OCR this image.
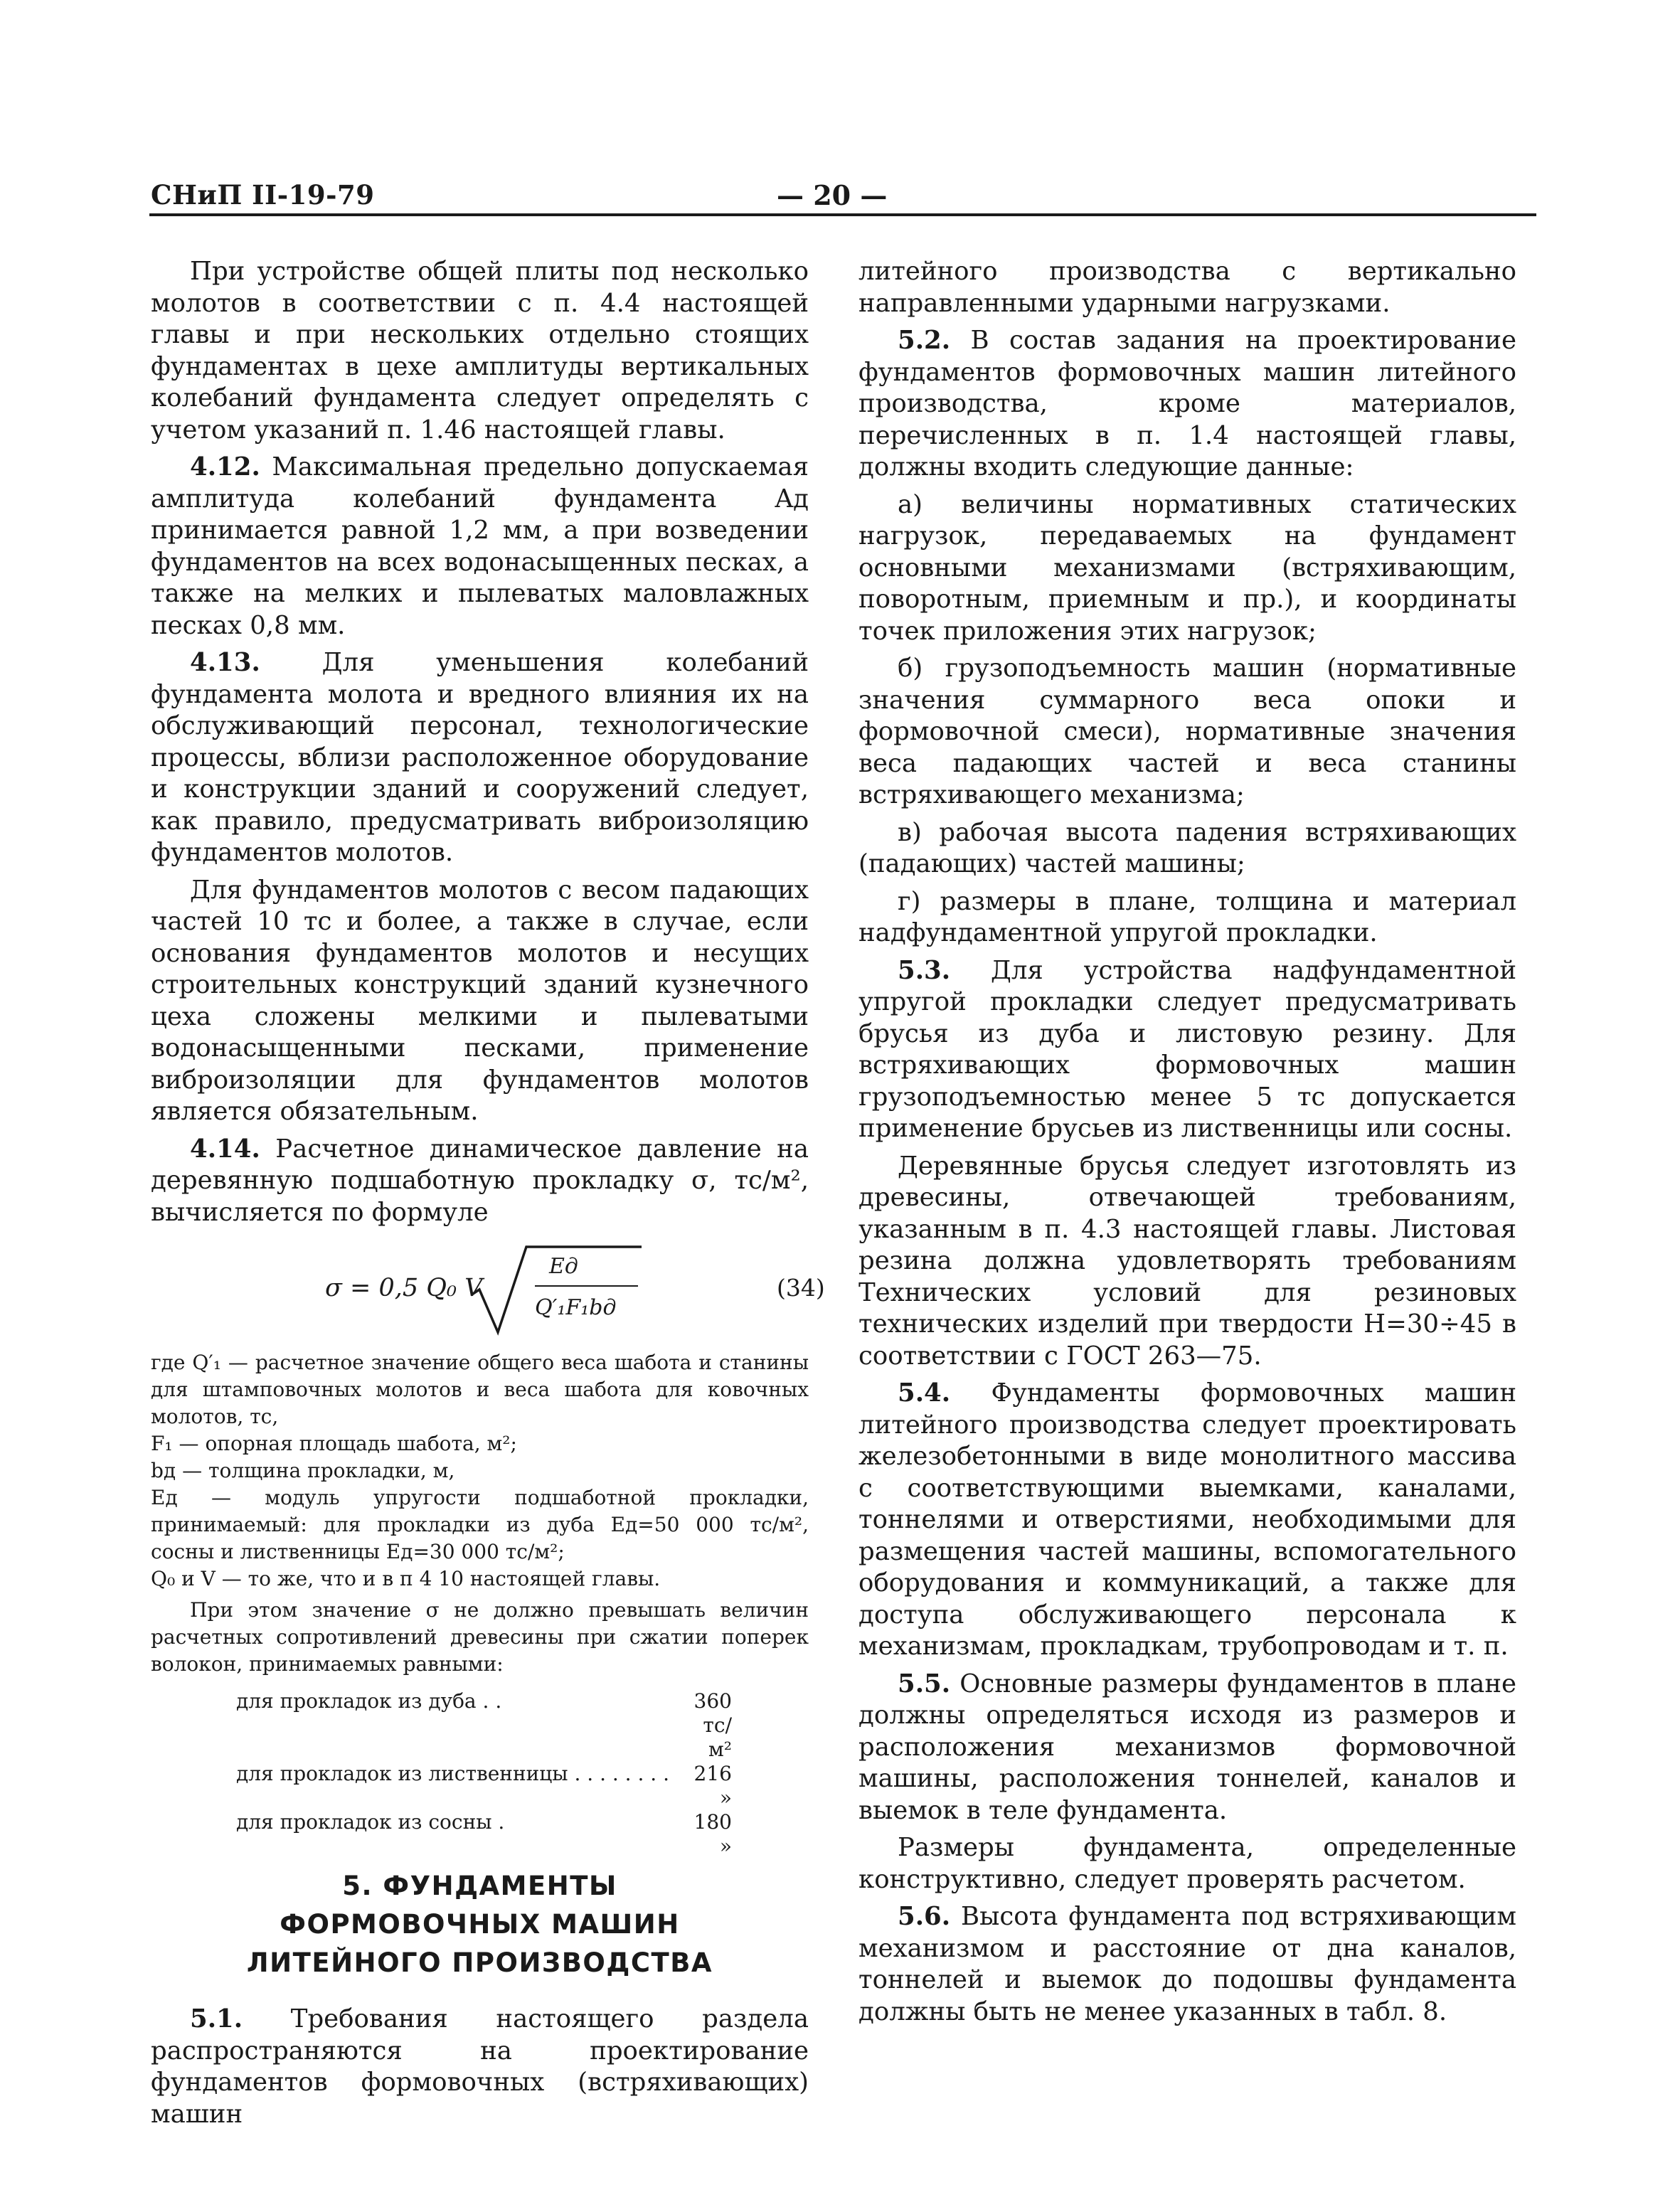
СНиП II-19-79	— 20 —

При устройстве общей плиты под несколько молотов в соответствии с п. 4.4 настоящей главы и при нескольких отдельно стоящих фундаментах в цехе амплитуды вертикальных колебаний фундамента следует определять с учетом указаний п. 1.46 настоящей главы.

4.12. Максимальная предельно допускаемая амплитуда колебаний фундамента Aд принимается равной 1,2 мм, а при возведении фундаментов на всех водонасыщенных песках, а также на мелких и пылеватых маловлажных песках 0,8 мм.

4.13. Для уменьшения колебаний фундамента молота и вредного влияния их на обслуживающий персонал, технологические процессы, вблизи расположенное оборудование и конструкции зданий и сооружений следует, как правило, предусматривать виброизоляцию фундаментов молотов.

Для фундаментов молотов с весом падающих частей 10 тс и более, а также в случае, если основания фундаментов молотов и несущих строительных конструкций зданий кузнечного цеха сложены мелкими и пылеватыми водонасыщенными песками, применение виброизоляции для фундаментов молотов является обязательным.

4.14. Расчетное динамическое давление на деревянную подшаботную прокладку σ, тс/м², вычисляется по формуле

σ = 0,5 Q₀ V
Eд
Q′₁F₁bд
(34)

где Q′₁ — расчетное значение общего веса шабота и станины для штамповочных молотов и веса шабота для ковочных молотов, тс,

F₁ — опорная площадь шабота, м²;

bд — толщина прокладки, м,

Eд — модуль упругости подшаботной прокладки, принимаемый: для прокладки из дуба Eд=50 000 тс/м², сосны и лиственницы Eд=30 000 тс/м²;

Q₀ и V — то же, что и в п 4 10 настоящей главы.

При этом значение σ не должно превышать величин расчетных сопротивлений древесины при сжатии поперек волокон, принимаемых равными:

для прокладок из дуба . .	360 тс/м²
для прокладок из лиственницы . . . . . . . .	216 »
для прокладок из сосны .	180 »
5. ФУНДАМЕНТЫ
ФОРМОВОЧНЫХ МАШИН
ЛИТЕЙНОГО ПРОИЗВОДСТВА

5.1. Требования настоящего раздела распространяются на проектирование фундаментов формовочных (встряхивающих) машин

литейного производства с вертикально направленными ударными нагрузками.

5.2. В состав задания на проектирование фундаментов формовочных машин литейного производства, кроме материалов, перечисленных в п. 1.4 настоящей главы, должны входить следующие данные:

а) величины нормативных статических нагрузок, передаваемых на фундамент основными механизмами (встряхивающим, поворотным, приемным и пр.), и координаты точек приложения этих нагрузок;

б) грузоподъемность машин (нормативные значения суммарного веса опоки и формовочной смеси), нормативные значения веса падающих частей и веса станины встряхивающего механизма;

в) рабочая высота падения встряхивающих (падающих) частей машины;

г) размеры в плане, толщина и материал надфундаментной упругой прокладки.

5.3. Для устройства надфундаментной упругой прокладки следует предусматривать брусья из дуба и листовую резину. Для встряхивающих формовочных машин грузоподъемностью менее 5 тс допускается применение брусьев из лиственницы или сосны.

Деревянные брусья следует изготовлять из древесины, отвечающей требованиям, указанным в п. 4.3 настоящей главы. Листовая резина должна удовлетворять требованиям Технических условий для резиновых технических изделий при твердости H=30÷45 в соответствии с ГОСТ 263—75.

5.4. Фундаменты формовочных машин литейного производства следует проектировать железобетонными в виде монолитного массива с соответствующими выемками, каналами, тоннелями и отверстиями, необходимыми для размещения частей машины, вспомогательного оборудования и коммуникаций, а также для доступа обслуживающего персонала к механизмам, прокладкам, трубопроводам и т. п.

5.5. Основные размеры фундаментов в плане должны определяться исходя из размеров и расположения механизмов формовочной машины, расположения тоннелей, каналов и выемок в теле фундамента.

Размеры фундамента, определенные конструктивно, следует проверять расчетом.

5.6. Высота фундамента под встряхивающим механизмом и расстояние от дна каналов, тоннелей и выемок до подошвы фундамента должны быть не менее указанных в табл. 8.
